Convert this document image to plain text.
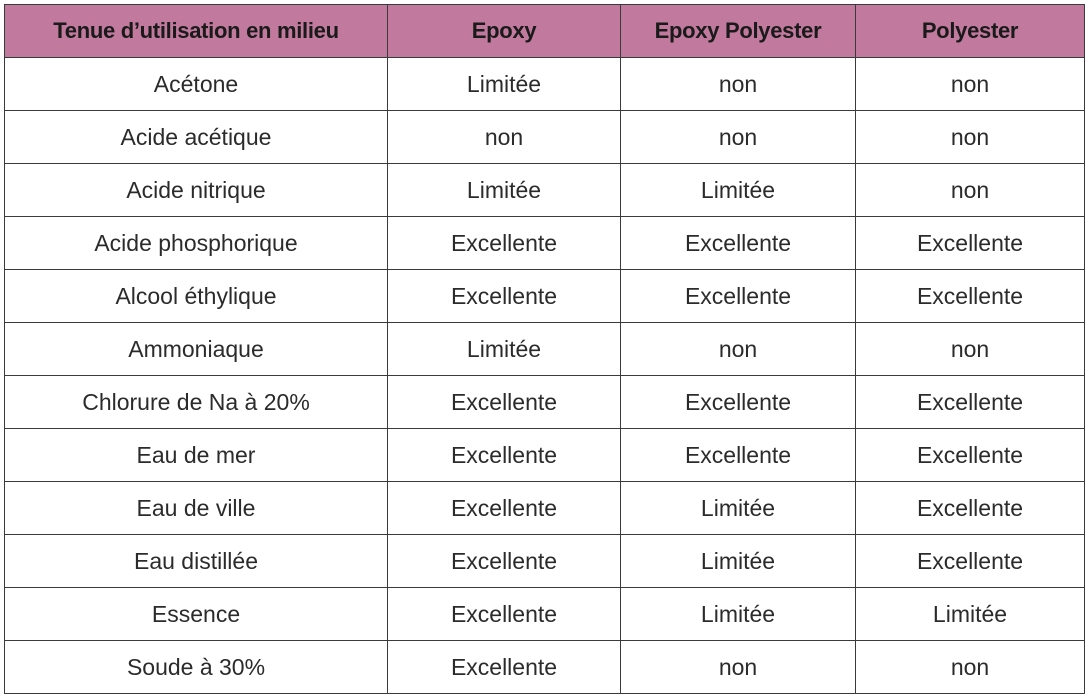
Tenue d’utilisation en milieu	Epoxy	Epoxy Polyester	Polyester
Acétone	Limitée	non	non
Acide acétique	non	non	non
Acide nitrique	Limitée	Limitée	non
Acide phosphorique	Excellente	Excellente	Excellente
Alcool éthylique	Excellente	Excellente	Excellente
Ammoniaque	Limitée	non	non
Chlorure de Na à 20%	Excellente	Excellente	Excellente
Eau de mer	Excellente	Excellente	Excellente
Eau de ville	Excellente	Limitée	Excellente
Eau distillée	Excellente	Limitée	Excellente
Essence	Excellente	Limitée	Limitée
Soude à 30%	Excellente	non	non
